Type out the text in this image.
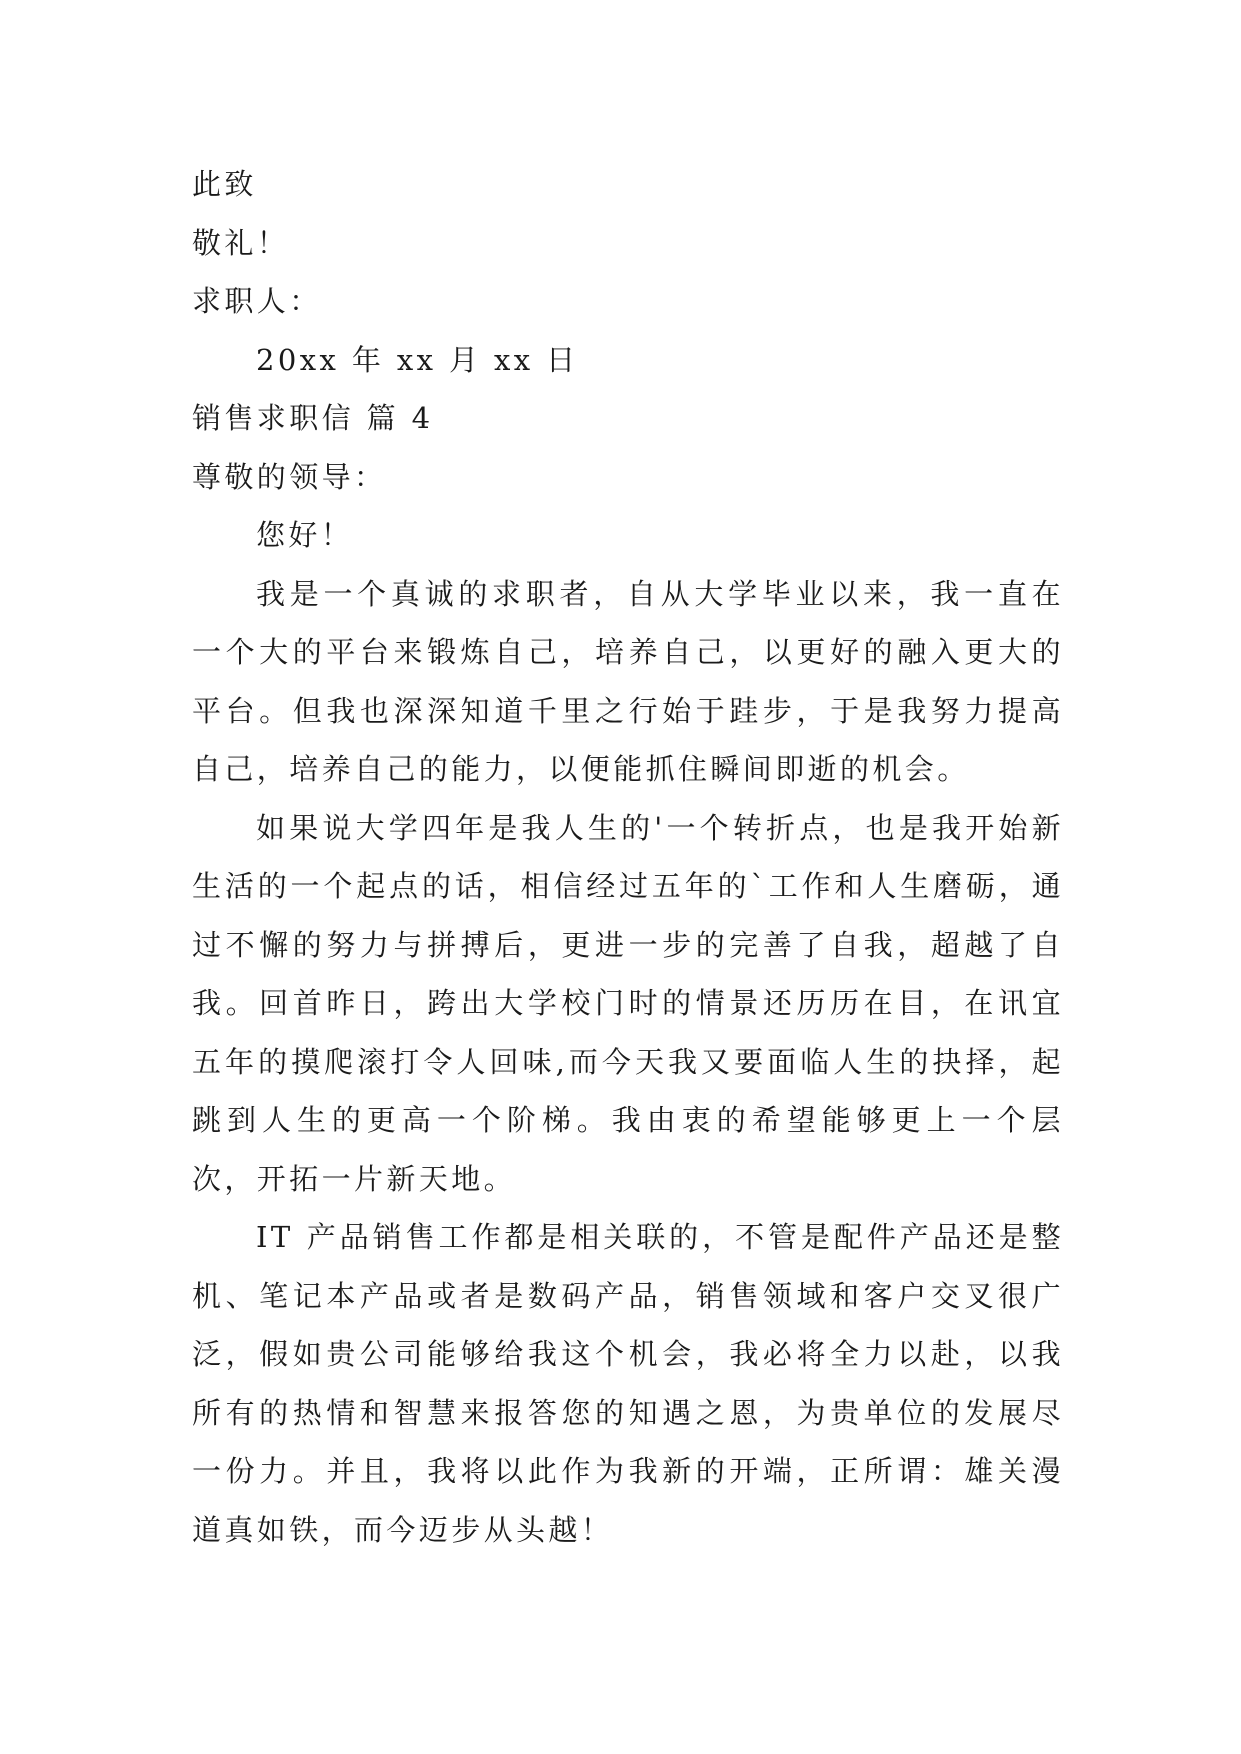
此致

敬礼！

求职人：

20xx 年 xx 月 xx 日

销售求职信 篇 4

尊敬的领导：

您好！

我是一个真诚的求职者，自从大学毕业以来，我一直在一个大的平台来锻炼自己，培养自己，以更好的融入更大的平台。但我也深深知道千里之行始于跬步，于是我努力提高自己，培养自己的能力，以便能抓住瞬间即逝的机会。

如果说大学四年是我人生的'一个转折点，也是我开始新生活的一个起点的话，相信经过五年的`工作和人生磨砺，通过不懈的努力与拼搏后，更进一步的完善了自我，超越了自我。回首昨日，跨出大学校门时的情景还历历在目，在讯宜五年的摸爬滚打令人回味,而今天我又要面临人生的抉择，起跳到人生的更高一个阶梯。我由衷的希望能够更上一个层次，开拓一片新天地。

IT 产品销售工作都是相关联的，不管是配件产品还是整机、笔记本产品或者是数码产品，销售领域和客户交叉很广泛，假如贵公司能够给我这个机会，我必将全力以赴，以我所有的热情和智慧来报答您的知遇之恩，为贵单位的发展尽一份力。并且，我将以此作为我新的开端，正所谓：雄关漫道真如铁，而今迈步从头越！
